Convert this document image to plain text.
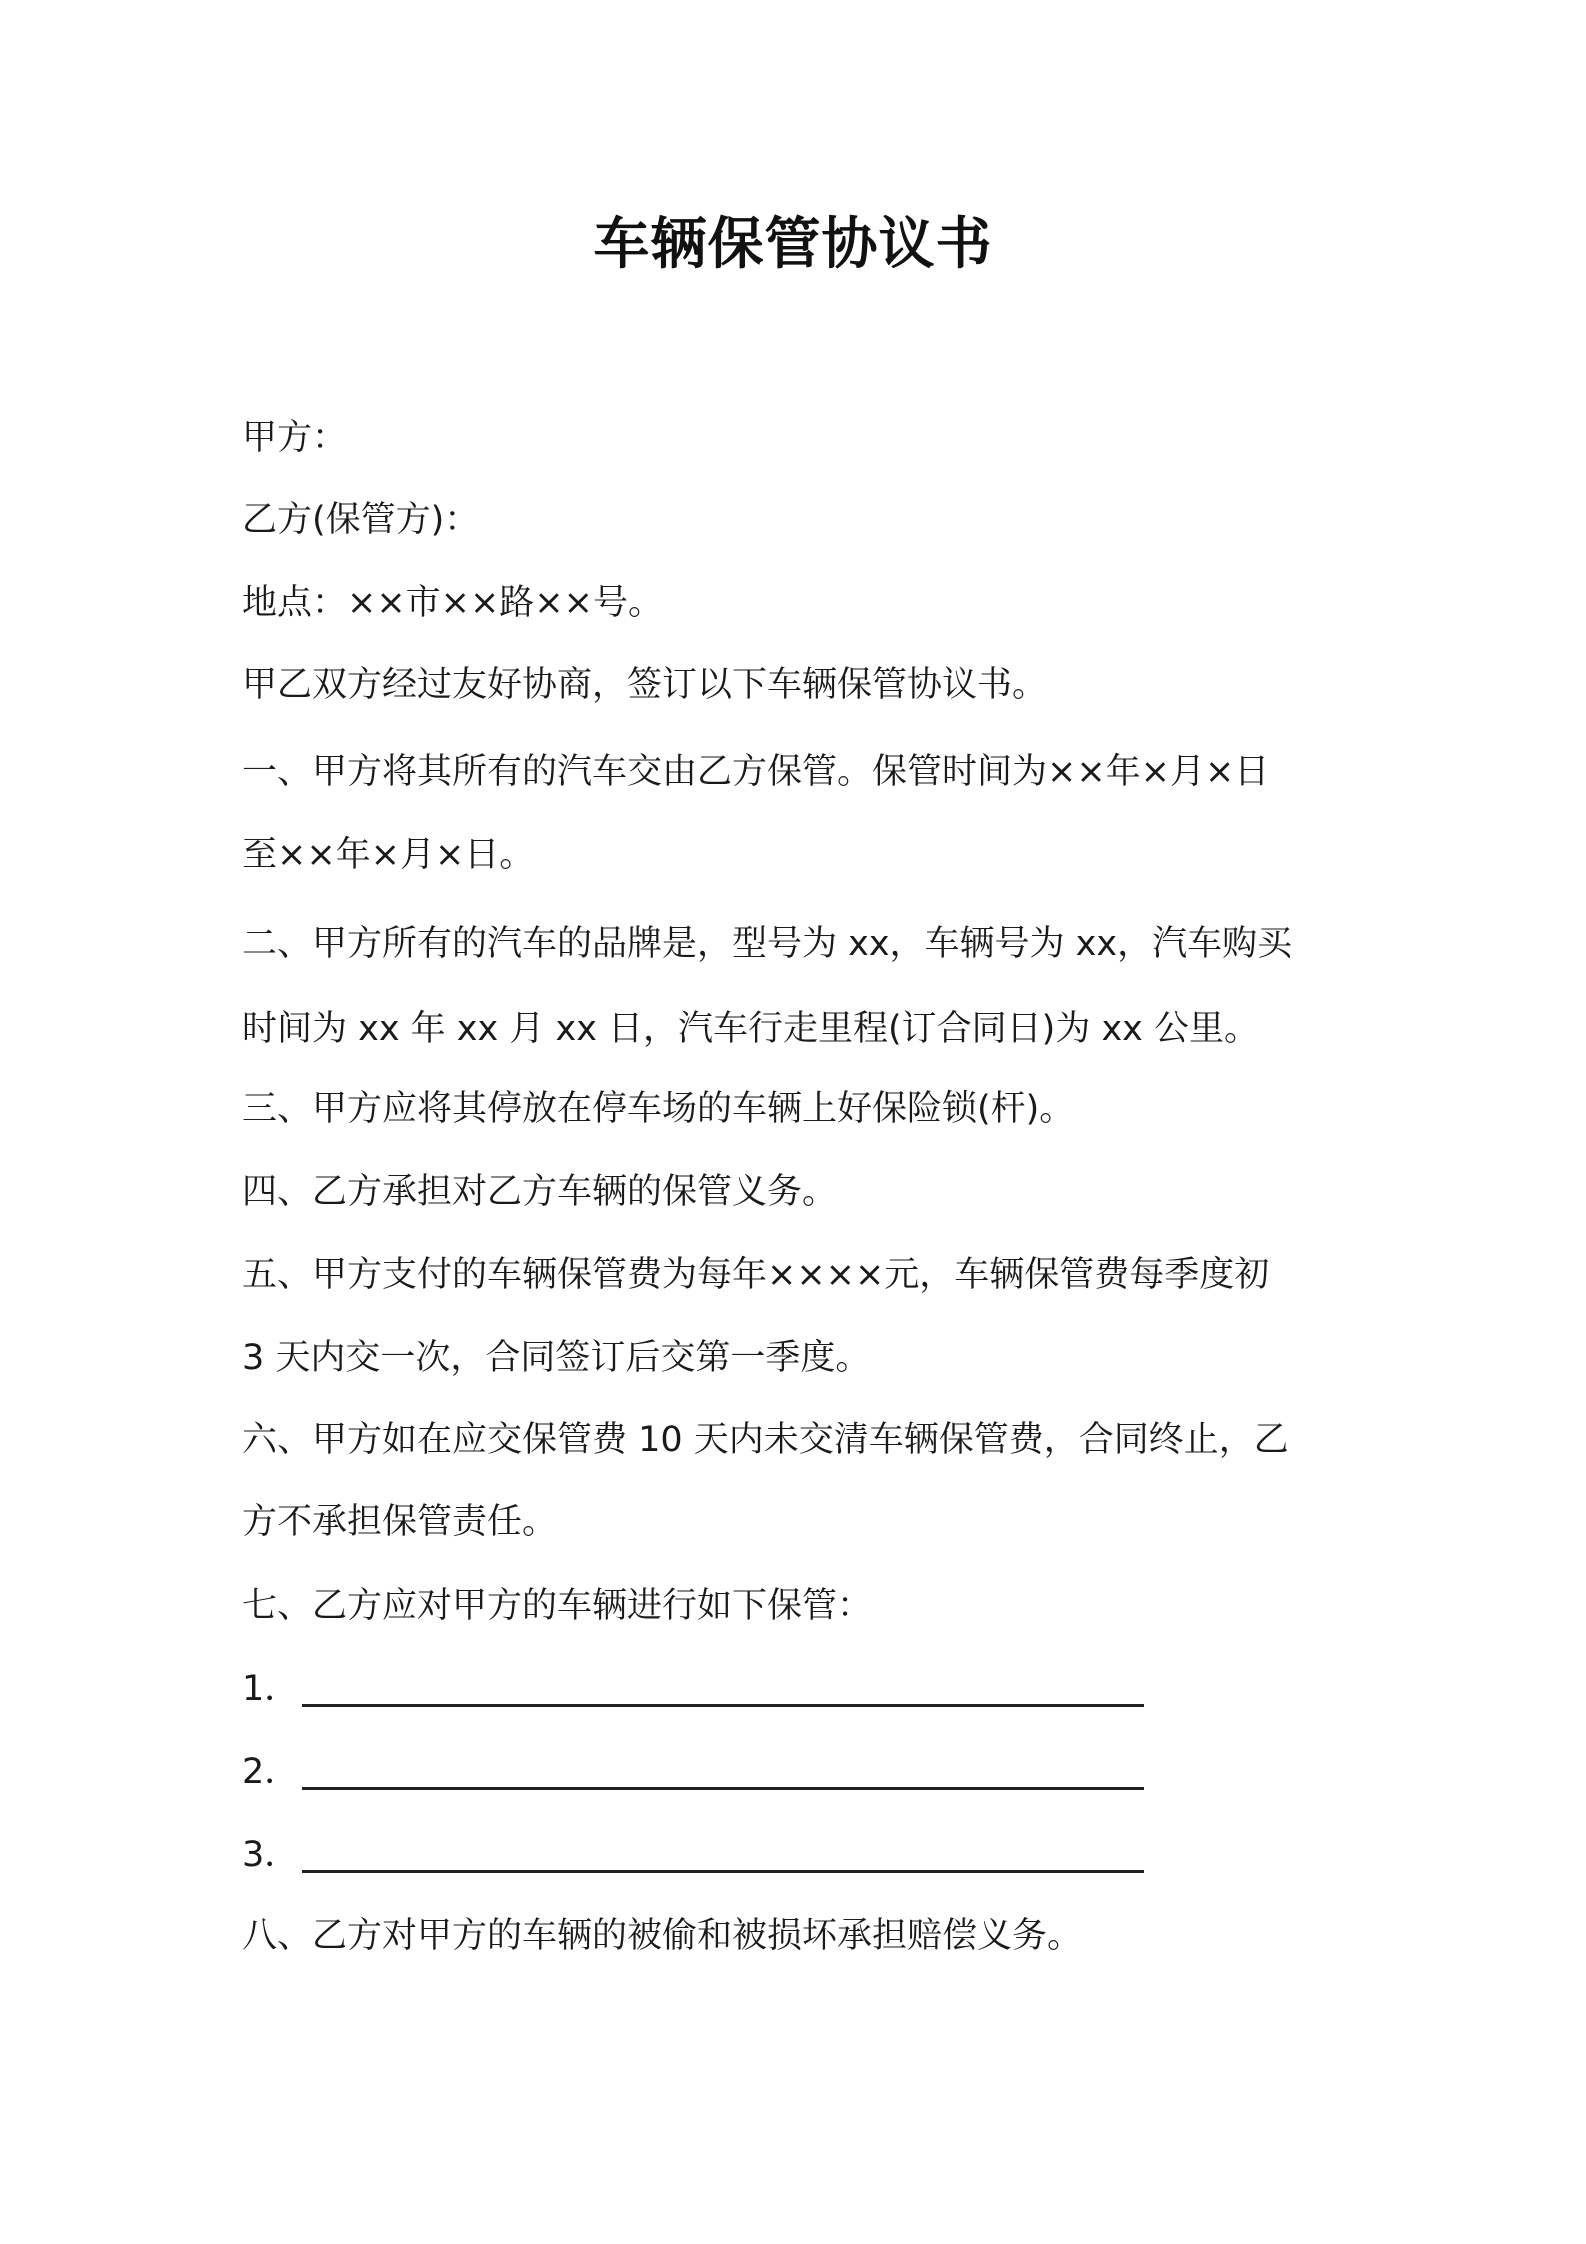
车辆保管协议书
甲方：
乙方(保管方)：
地点：××市××路××号。
甲乙双方经过友好协商，签订以下车辆保管协议书。
一、甲方将其所有的汽车交由乙方保管。保管时间为××年×月×日
至××年×月×日。
二、甲方所有的汽车的品牌是，型号为 xx，车辆号为 xx，汽车购买
时间为 xx 年 xx 月 xx 日，汽车行走里程(订合同日)为 xx 公里。
三、甲方应将其停放在停车场的车辆上好保险锁(杆)。
四、乙方承担对乙方车辆的保管义务。
五、甲方支付的车辆保管费为每年××××元，车辆保管费每季度初
3 天内交一次，合同签订后交第一季度。
六、甲方如在应交保管费 10 天内未交清车辆保管费，合同终止，乙
方不承担保管责任。
七、乙方应对甲方的车辆进行如下保管：
1．
2．
3．
八、乙方对甲方的车辆的被偷和被损坏承担赔偿义务。
